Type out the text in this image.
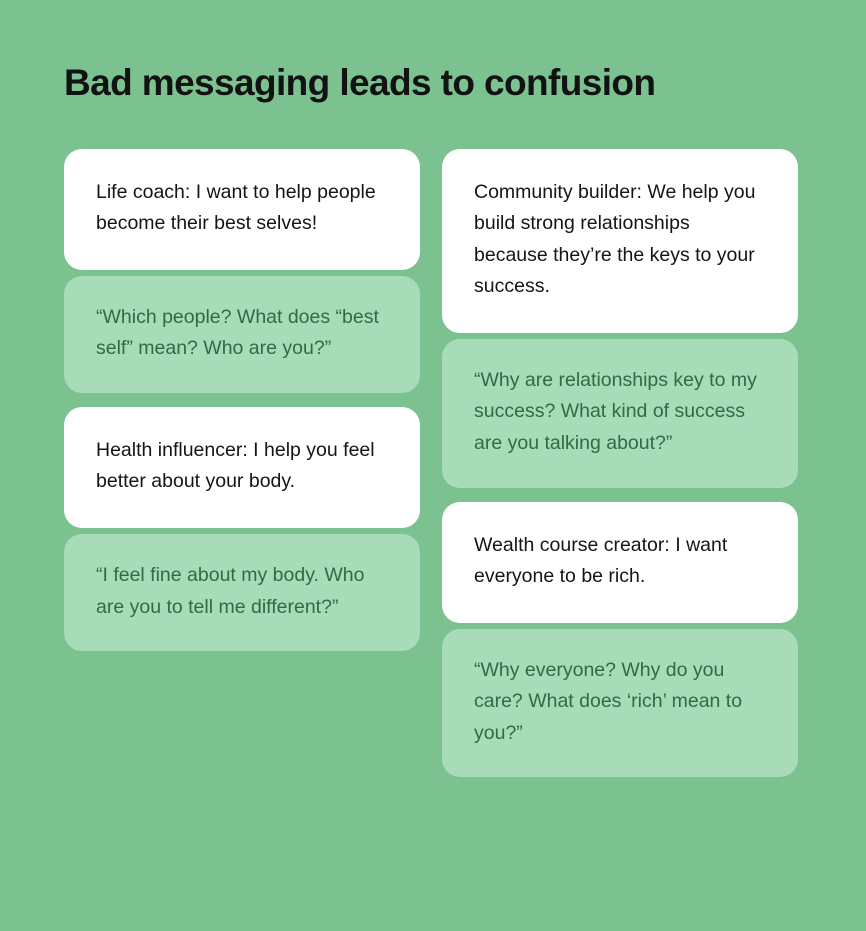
Bad messaging leads to confusion
Life coach: I want to help people become their best selves!
“Which people? What does “best self” mean? Who are you?”
Health influencer: I help you feel better about your body.
“I feel fine about my body. Who are you to tell me different?”
Community builder: We help you build strong relationships because they’re the keys to your success.
“Why are relationships key to my success? What kind of success are you talking about?”
Wealth course creator: I want everyone to be rich.
“Why everyone? Why do you care? What does ‘rich’ mean to you?”
